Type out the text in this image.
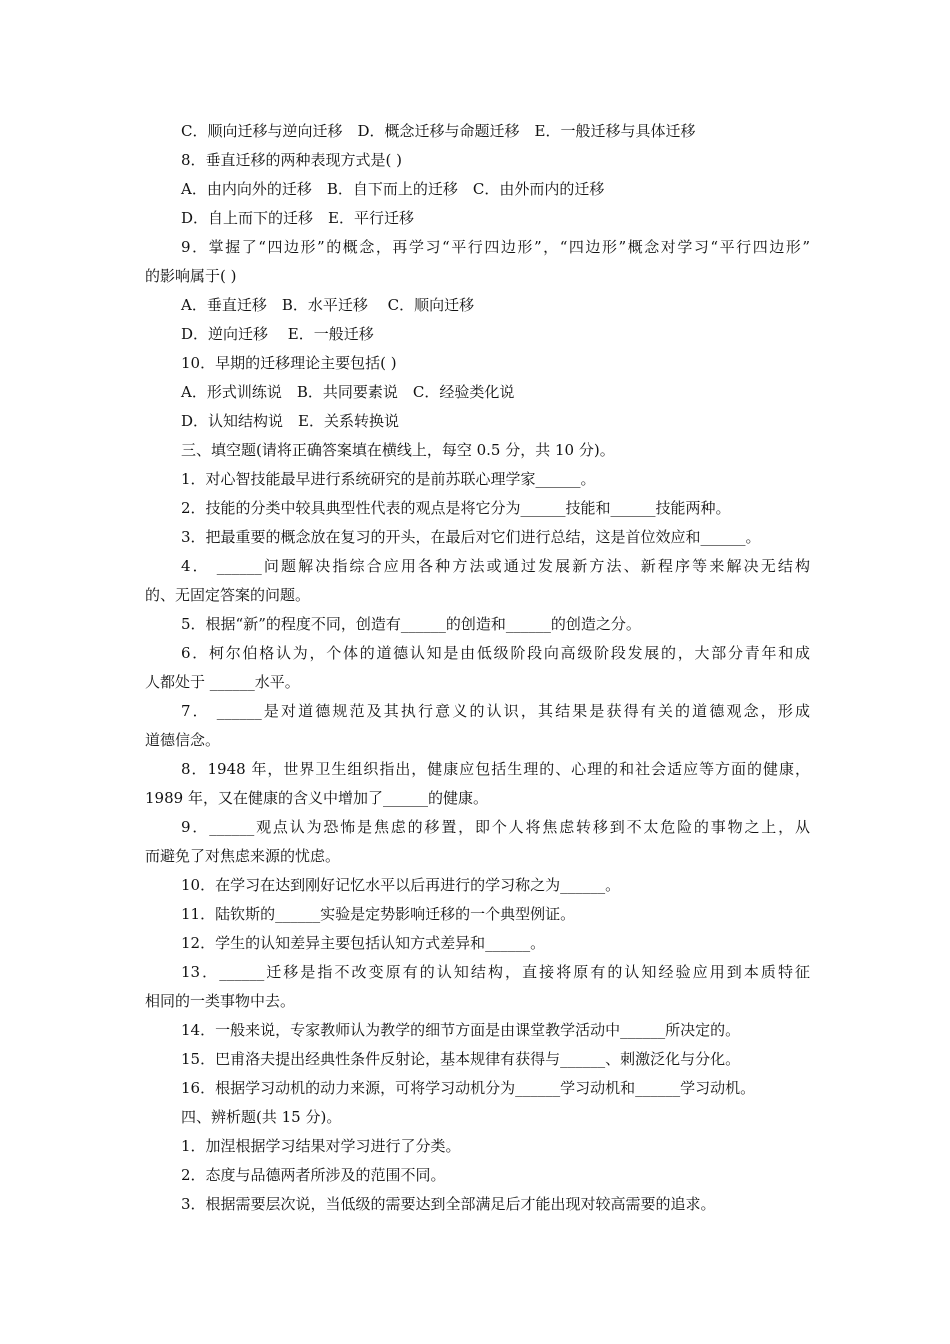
C．顺向迁移与逆向迁移　D．概念迁移与命题迁移　E．一般迁移与具体迁移
8．垂直迁移的两种表现方式是( )
A．由内向外的迁移　B．自下而上的迁移　C．由外而内的迁移
D．自上而下的迁移　E．平行迁移
9．掌握了“四边形”的概念，再学习“平行四边形”，“四边形”概念对学习“平行四边形”
的影响属于( )
A．垂直迁移　B．水平迁移　 C．顺向迁移
D．逆向迁移　 E．一般迁移
10．早期的迁移理论主要包括( )
A．形式训练说　B．共同要素说　C．经验类化说
D．认知结构说　E．关系转换说
三、填空题(请将正确答案填在横线上，每空 0.5 分，共 10 分)。
1．对心智技能最早进行系统研究的是前苏联心理学家______。
2．技能的分类中较具典型性代表的观点是将它分为______技能和______技能两种。
3．把最重要的概念放在复习的开头，在最后对它们进行总结，这是首位效应和______。
4． ______问题解决指综合应用各种方法或通过发展新方法、新程序等来解决无结构
的、无固定答案的问题。
5．根据“新”的程度不同，创造有______的创造和______的创造之分。
6．柯尔伯格认为，个体的道德认知是由低级阶段向高级阶段发展的，大部分青年和成
人都处于 ______水平。
7． ______是对道德规范及其执行意义的认识，其结果是获得有关的道德观念，形成
道德信念。
8．1948 年，世界卫生组织指出，健康应包括生理的、心理的和社会适应等方面的健康，
1989 年，又在健康的含义中增加了______的健康。
9．______观点认为恐怖是焦虑的移置，即个人将焦虑转移到不太危险的事物之上，从
而避免了对焦虑来源的忧虑。
10．在学习在达到刚好记忆水平以后再进行的学习称之为______。
11．陆钦斯的______实验是定势影响迁移的一个典型例证。
12．学生的认知差异主要包括认知方式差异和______。
13．______迁移是指不改变原有的认知结构，直接将原有的认知经验应用到本质特征
相同的一类事物中去。
14．一般来说，专家教师认为教学的细节方面是由课堂教学活动中______所决定的。
15．巴甫洛夫提出经典性条件反射论，基本规律有获得与______、刺激泛化与分化。
16．根据学习动机的动力来源，可将学习动机分为______学习动机和______学习动机。
四、辨析题(共 15 分)。
1．加涅根据学习结果对学习进行了分类。
2．态度与品德两者所涉及的范围不同。
3．根据需要层次说，当低级的需要达到全部满足后才能出现对较高需要的追求。
